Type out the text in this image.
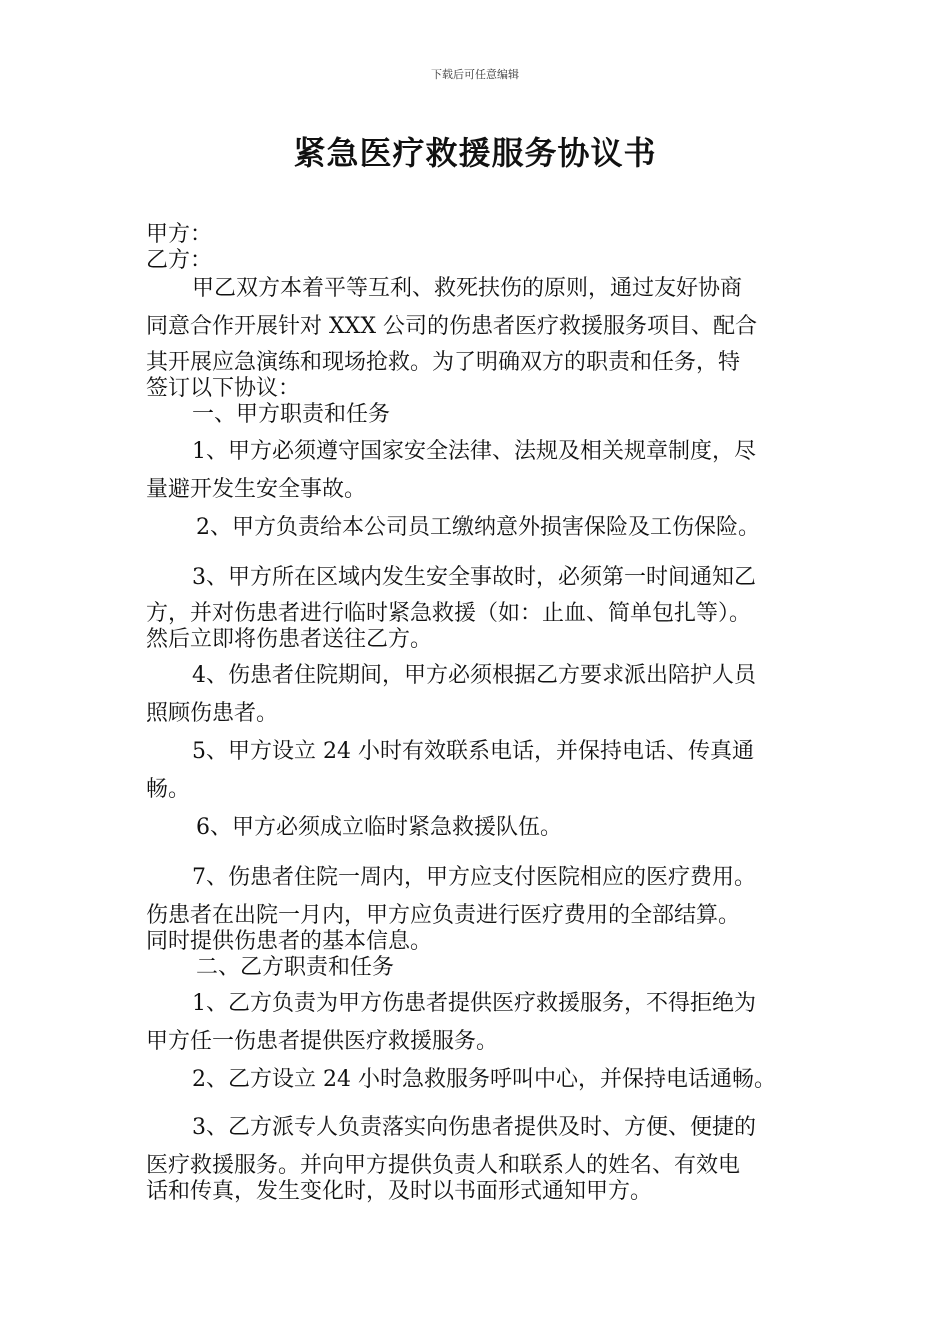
下载后可任意编辑
紧急医疗救援服务协议书
甲方：
乙方：
甲乙双方本着平等互利、救死扶伤的原则，通过友好协商
同意合作开展针对 XXX 公司的伤患者医疗救援服务项目、配合
其开展应急演练和现场抢救。为了明确双方的职责和任务，特
签订以下协议：
一、甲方职责和任务
1、甲方必须遵守国家安全法律、法规及相关规章制度，尽
量避开发生安全事故。
2、甲方负责给本公司员工缴纳意外损害保险及工伤保险。
3、甲方所在区域内发生安全事故时，必须第一时间通知乙
方，并对伤患者进行临时紧急救援（如：止血、简单包扎等）。
然后立即将伤患者送往乙方。
4、伤患者住院期间，甲方必须根据乙方要求派出陪护人员
照顾伤患者。
5、甲方设立 24 小时有效联系电话，并保持电话、传真通
畅。
6、甲方必须成立临时紧急救援队伍。
7、伤患者住院一周内，甲方应支付医院相应的医疗费用。
伤患者在出院一月内，甲方应负责进行医疗费用的全部结算。
同时提供伤患者的基本信息。
二、乙方职责和任务
1、乙方负责为甲方伤患者提供医疗救援服务，不得拒绝为
甲方任一伤患者提供医疗救援服务。
2、乙方设立 24 小时急救服务呼叫中心，并保持电话通畅。
3、乙方派专人负责落实向伤患者提供及时、方便、便捷的
医疗救援服务。并向甲方提供负责人和联系人的姓名、有效电
话和传真，发生变化时，及时以书面形式通知甲方。
